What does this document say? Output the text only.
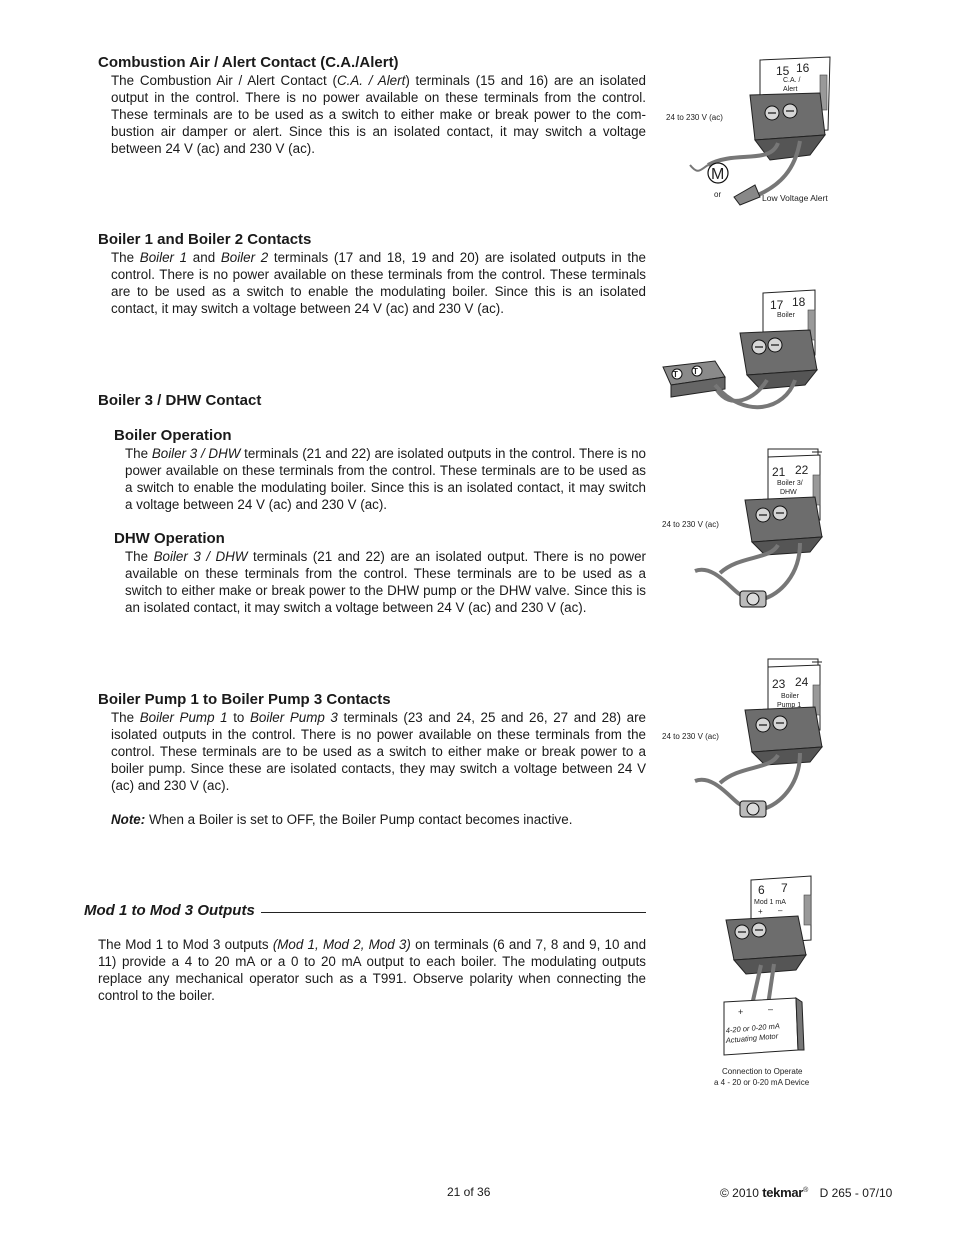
Combustion Air / Alert Contact (C.A./Alert)

The Combustion Air / Alert Contact (C.A. / Alert) terminals (15 and 16) are an isolated output in the control. There is no power available on these terminals from the control. These terminals are to be used as a switch to either make or break power to the com-bustion air damper or alert. Since this is an isolated contact, it may switch a voltage between 24 V (ac) and 230 V (ac).

15 16
C.A. /
Alert
24 to 230 V (ac)
M
or	Low Voltage Alert

Boiler 1 and Boiler 2 Contacts

The Boiler 1 and Boiler 2 terminals (17 and 18, 19 and 20) are isolated outputs in the control. There is no power available on these terminals from the control. These terminals are to be used as a switch to enable the modulating boiler. Since this is an isolated contact, it may switch a voltage between 24 V (ac) and 230 V (ac).	17 18
Boiler
T T

Boiler 3 / DHW Contact

Boiler Operation

The Boiler 3 / DHW terminals (21 and 22) are isolated outputs in the control. There is no power available on these terminals from the control. These terminals are to be used as a switch to enable the modulating boiler. Since this is an isolated contact, it may switch a voltage between 24 V (ac) and 230 V (ac).

DHW Operation

The Boiler 3 / DHW terminals (21 and 22) are an isolated output. There is no power available on these terminals from the control. These terminals are to be used as a switch to either make or break power to the DHW pump or the DHW valve. Since this is an isolated contact, it may switch a voltage between 24 V (ac) and 230 V (ac).

21 22
Boiler 3/
DHW
24 to 230 V (ac)

Boiler Pump 1 to Boiler Pump 3 Contacts

The Boiler Pump 1 to Boiler Pump 3 terminals (23 and 24, 25 and 26, 27 and 28) are isolated outputs in the control. There is no power available on these terminals from the control. These terminals are to be used as a switch to either make or break power to a boiler pump. Since these are isolated contacts, they may switch a voltage between 24 V (ac) and 230 V (ac).

Note: When a Boiler is set to OFF, the Boiler Pump contact becomes inactive.

23 24
Boiler
Pump 1
24 to 230 V (ac)
Mod 1 to Mod 3 Outputs

The Mod 1 to Mod 3 outputs (Mod 1, Mod 2, Mod 3) on terminals (6 and 7, 8 and 9, 10 and 11) provide a 4 to 20 mA or a 0 to 20 mA output to each boiler. The modulating outputs replace any mechanical operator such as a T991. Observe polarity when connecting the control to the boiler.

6 7
Mod 1 mA
+ –
+	–
4-20 or 0-20 mA
Actuating Motor
Connection to Operate
a 4 - 20 or 0-20 mA Device
21 of 36	© 2010 tekmar® D 265 - 07/10
